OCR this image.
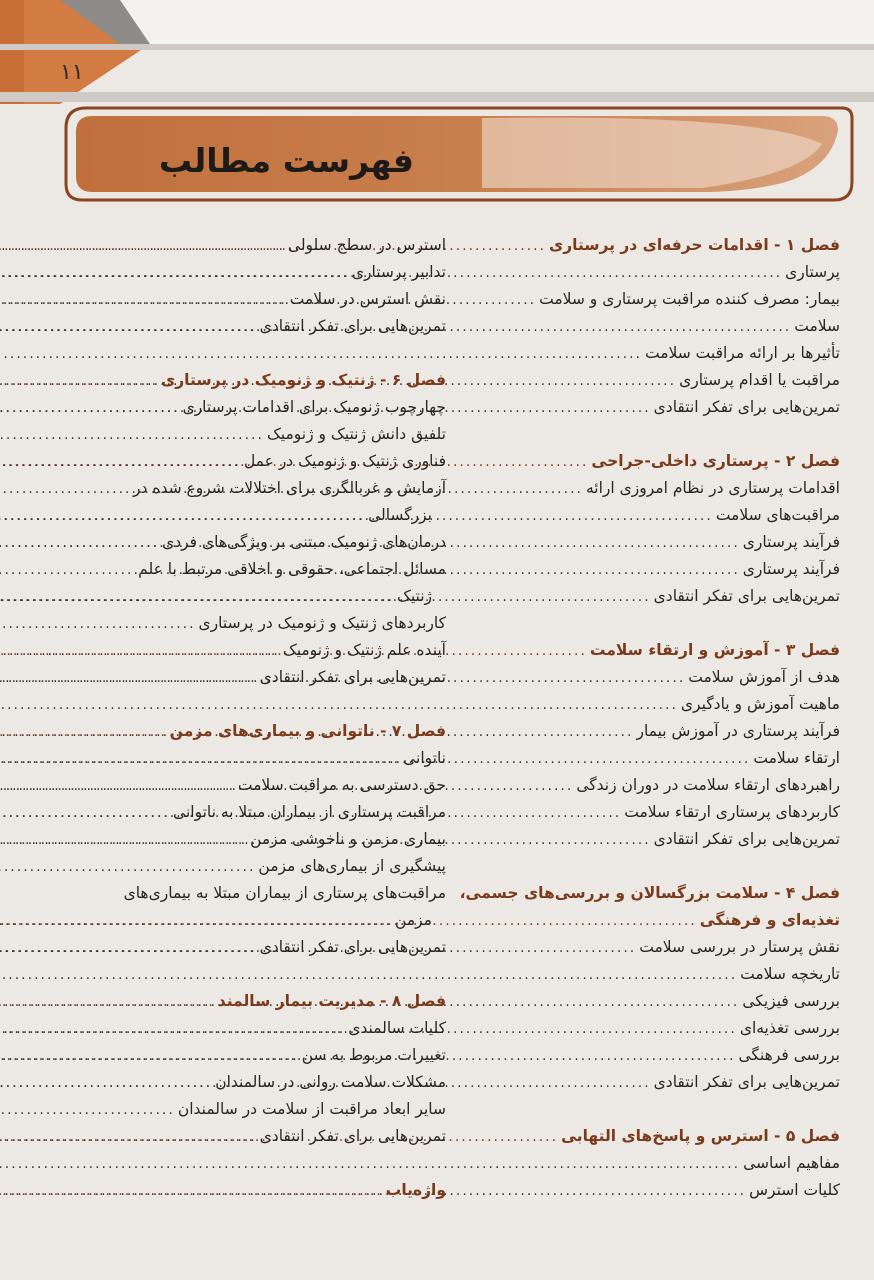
۱۱
فهرست مطالب
فصل ۱ - اقدامات حرفه‌ای در پرستاری
.....
پرستاری
.....
بیمار: مصرف کننده مراقبت پرستاری و سلامت
.....
سلامت
.....
تأثیرها بر ارائه مراقبت سلامت
.....
مراقبت یا اقدام پرستاری
.....
تمرین‌هایی برای تفکر انتقادی
.....
فصل ۲ - پرستاری داخلی-جراحی
.....
اقدامات پرستاری در نظام امروزی ارائه
.....
مراقبت‌های سلامت
.....
فرآیند پرستاری
.....
فرآیند پرستاری
.....
تمرین‌هایی برای تفکر انتقادی
.....
فصل ۳ - آموزش و ارتقاء سلامت
.....
هدف از آموزش سلامت
.....
ماهیت آموزش و یادگیری
.....
فرآیند پرستاری در آموزش بیمار
.....
ارتقاء سلامت
.....
راهبردهای ارتقاء سلامت در دوران زندگی
.....
کاربردهای پرستاری ارتقاء سلامت
.....
تمرین‌هایی برای تفکر انتقادی
.....
فصل ۴ - سلامت بزرگسالان و بررسی‌های جسمی،
تغذیه‌ای و فرهنگی
.....
نقش پرستار در بررسی سلامت
.....
تاریخچه سلامت
.....
بررسی فیزیکی
.....
بررسی تغذیه‌ای
.....
بررسی فرهنگی
.....
تمرین‌هایی برای تفکر انتقادی
.....
فصل ۵ - استرس و پاسخ‌های التهابی
.....
مفاهیم اساسی
.....
کلیات استرس
.....
استرس در سطح سلولی
.....
تدابیر پرستاری
.....
نقش استرس در سلامت
.....
تمرین‌هایی برای تفکر انتقادی
.....
فصل ۶ - ژنتیک و ژنومیک در پرستاری
.....
چهارچوب ژنومیک برای اقدامات پرستاری
.....
تلفیق دانش ژنتیک و ژنومیک
.....
فناوری ژنتیک و ژنومیک در عمل
.....
آزمایش و غربالگری برای اختلالات شروع شده در
بزرگسالی
.....
درمان‌های ژنومیک مبتنی بر ویژگی‌های فردی
.....
مسائل اجتماعی، حقوقی و اخلاقی مرتبط با علم
ژنتیک
.....
کاربردهای ژنتیک و ژنومیک در پرستاری
.....
آینده علم ژنتیک و ژنومیک
.....
تمرین‌هایی برای تفکر انتقادی
.....
فصل ۷ - ناتوانی و بیماری‌های مزمن
.....
ناتوانی
.....
حق دسترسی به مراقبت سلامت
.....
مراقبت پرستاری از بیماران مبتلا به ناتوانی
.....
بیماری مزمن و ناخوشی مزمن
.....
پیشگیری از بیماری‌های مزمن
.....
مراقبت‌های پرستاری از بیماران مبتلا به بیماری‌های
مزمن
.....
تمرین‌هایی برای تفکر انتقادی
.....
فصل ۸ - مدیریت بیمار سالمند
.....
کلیات سالمندی
.....
تغییرات مربوط به سن
.....
مشکلات سلامت روانی در سالمندان
.....
سایر ابعاد مراقبت از سلامت در سالمندان
.....
تمرین‌هایی برای تفکر انتقادی
.....
واژه‌یاب
.....
